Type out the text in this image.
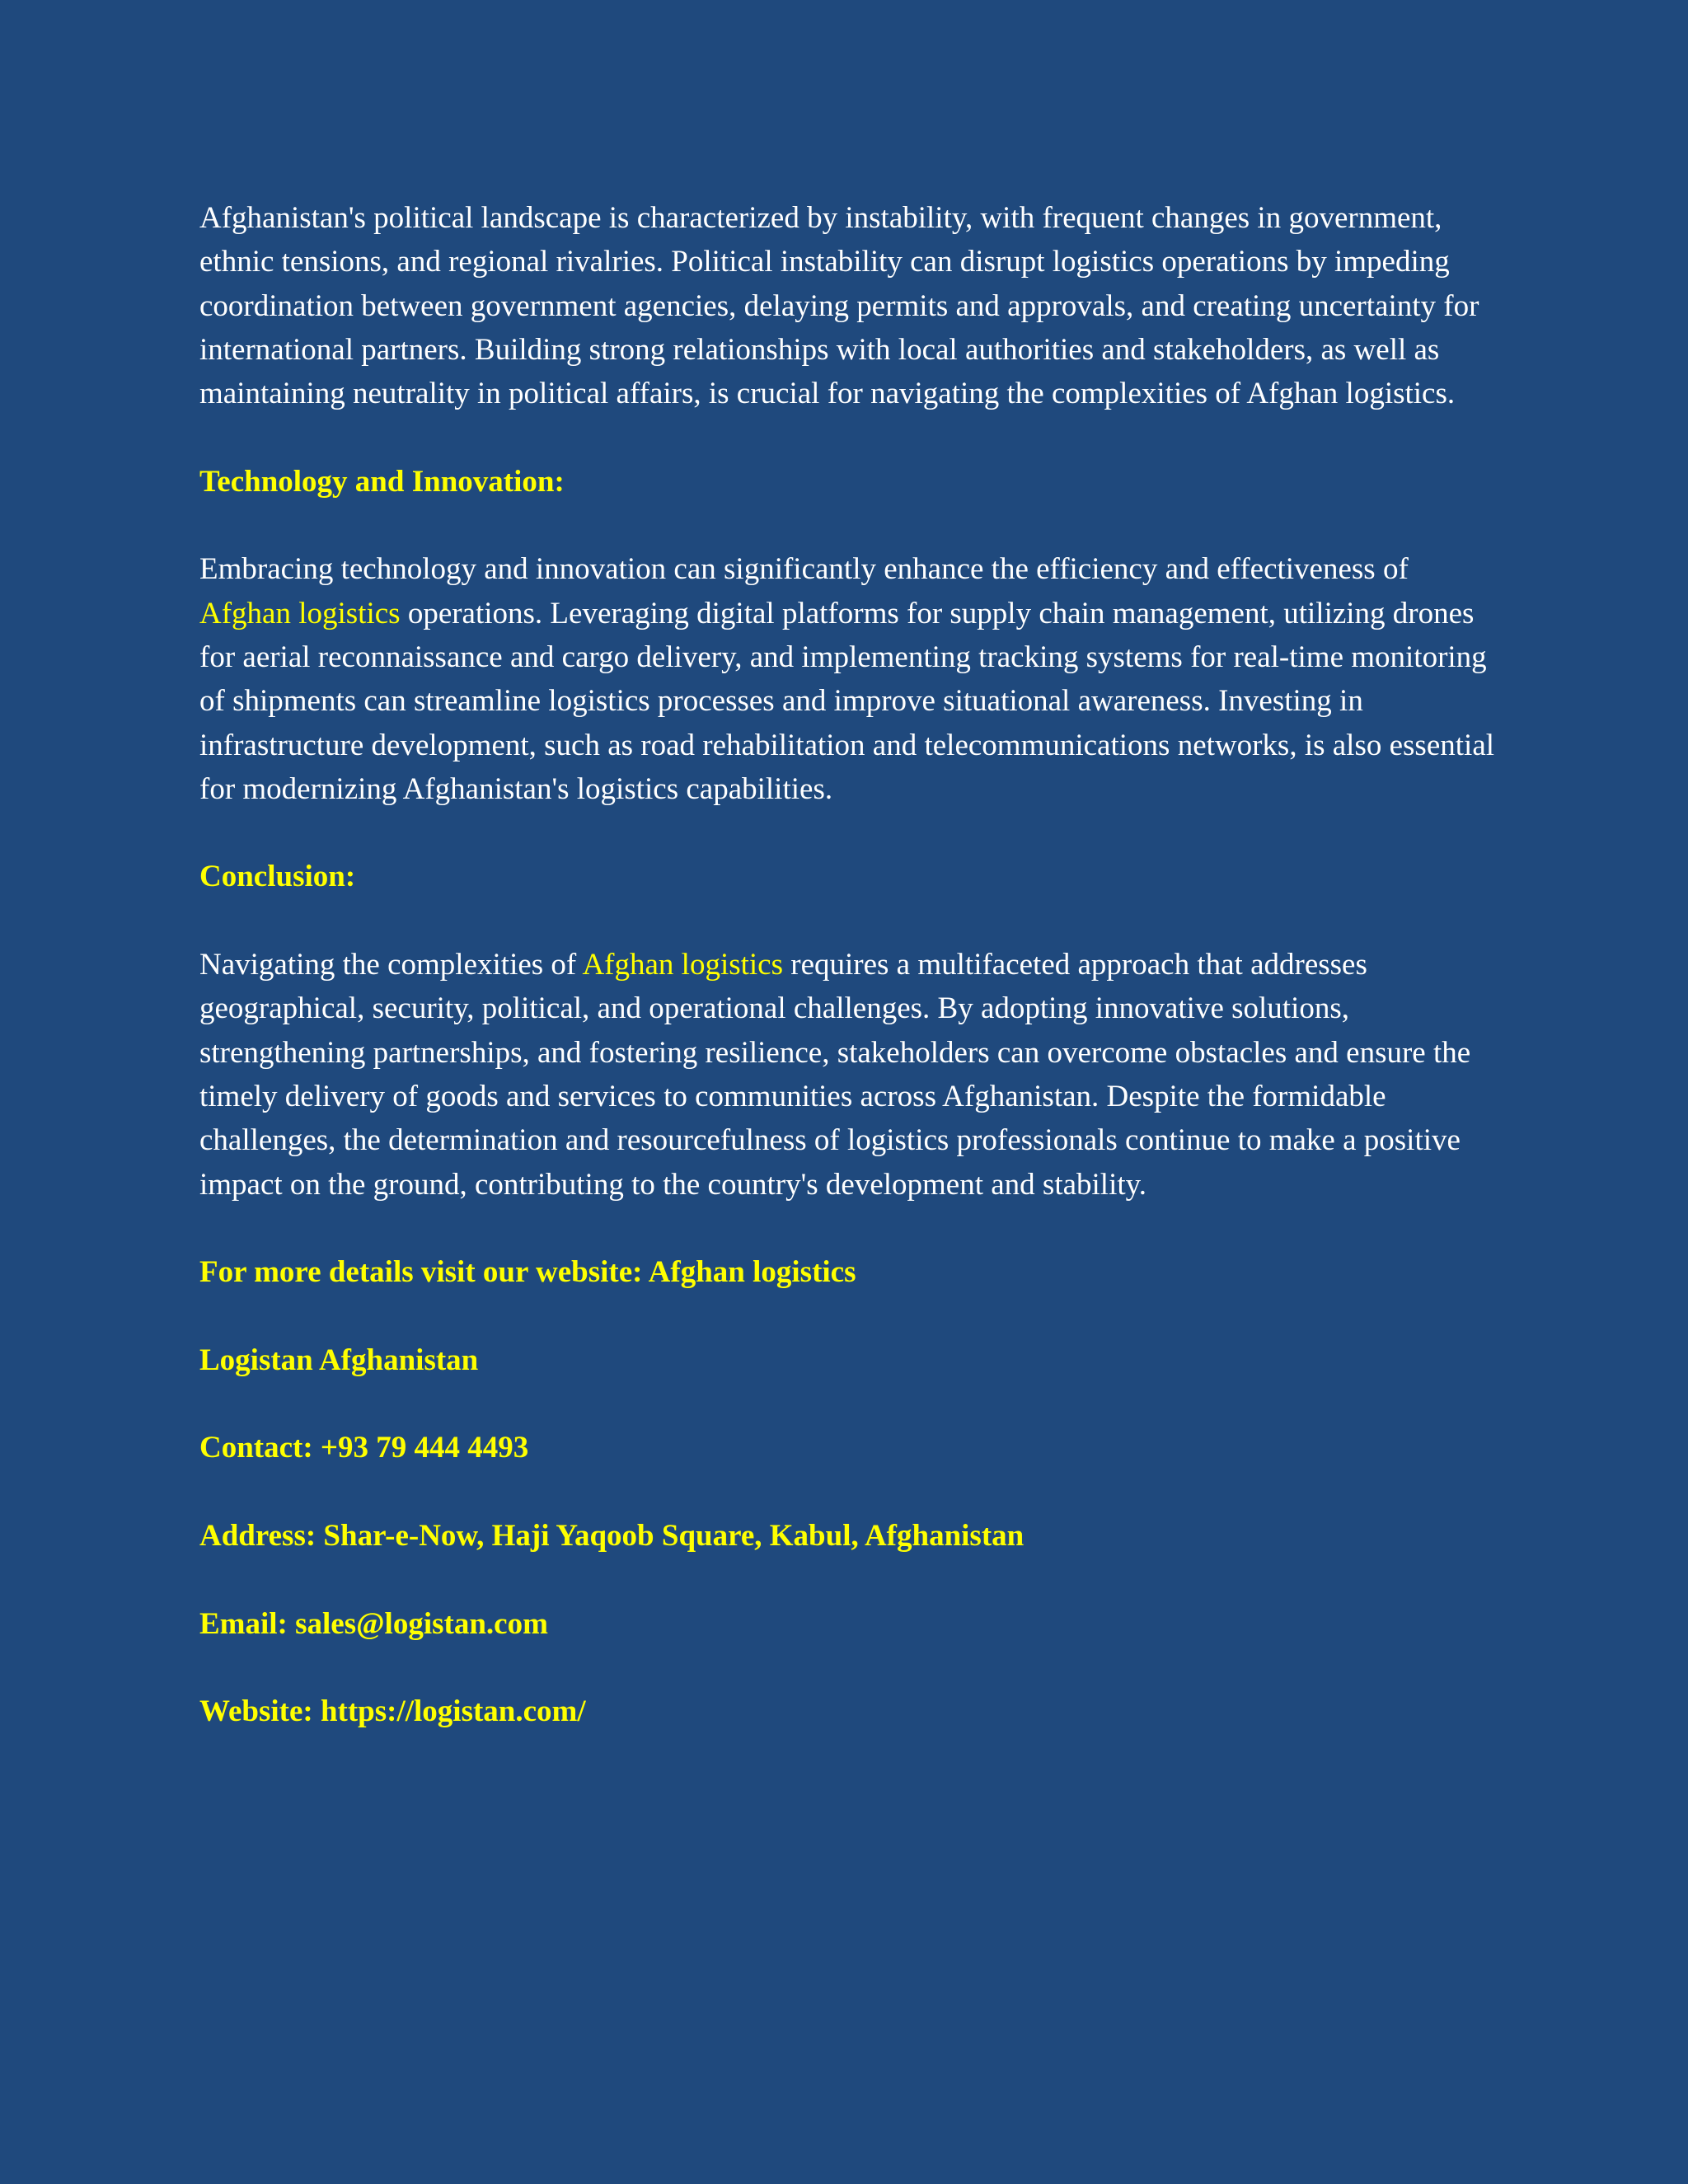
Afghanistan's political landscape is characterized by instability, with frequent changes in government, ethnic tensions, and regional rivalries. Political instability can disrupt logistics operations by impeding coordination between government agencies, delaying permits and approvals, and creating uncertainty for international partners. Building strong relationships with local authorities and stakeholders, as well as maintaining neutrality in political affairs, is crucial for navigating the complexities of Afghan logistics.

Technology and Innovation:

Embracing technology and innovation can significantly enhance the efficiency and effectiveness of Afghan logistics operations. Leveraging digital platforms for supply chain management, utilizing drones for aerial reconnaissance and cargo delivery, and implementing tracking systems for real-time monitoring of shipments can streamline logistics processes and improve situational awareness. Investing in infrastructure development, such as road rehabilitation and telecommunications networks, is also essential for modernizing Afghanistan's logistics capabilities.

Conclusion:

Navigating the complexities of Afghan logistics requires a multifaceted approach that addresses geographical, security, political, and operational challenges. By adopting innovative solutions, strengthening partnerships, and fostering resilience, stakeholders can overcome obstacles and ensure the timely delivery of goods and services to communities across Afghanistan. Despite the formidable challenges, the determination and resourcefulness of logistics professionals continue to make a positive impact on the ground, contributing to the country's development and stability.

For more details visit our website: Afghan logistics

Logistan Afghanistan

Contact: +93 79 444 4493

Address: Shar-e-Now, Haji Yaqoob Square, Kabul, Afghanistan

Email: sales@logistan.com

Website: https://logistan.com/
